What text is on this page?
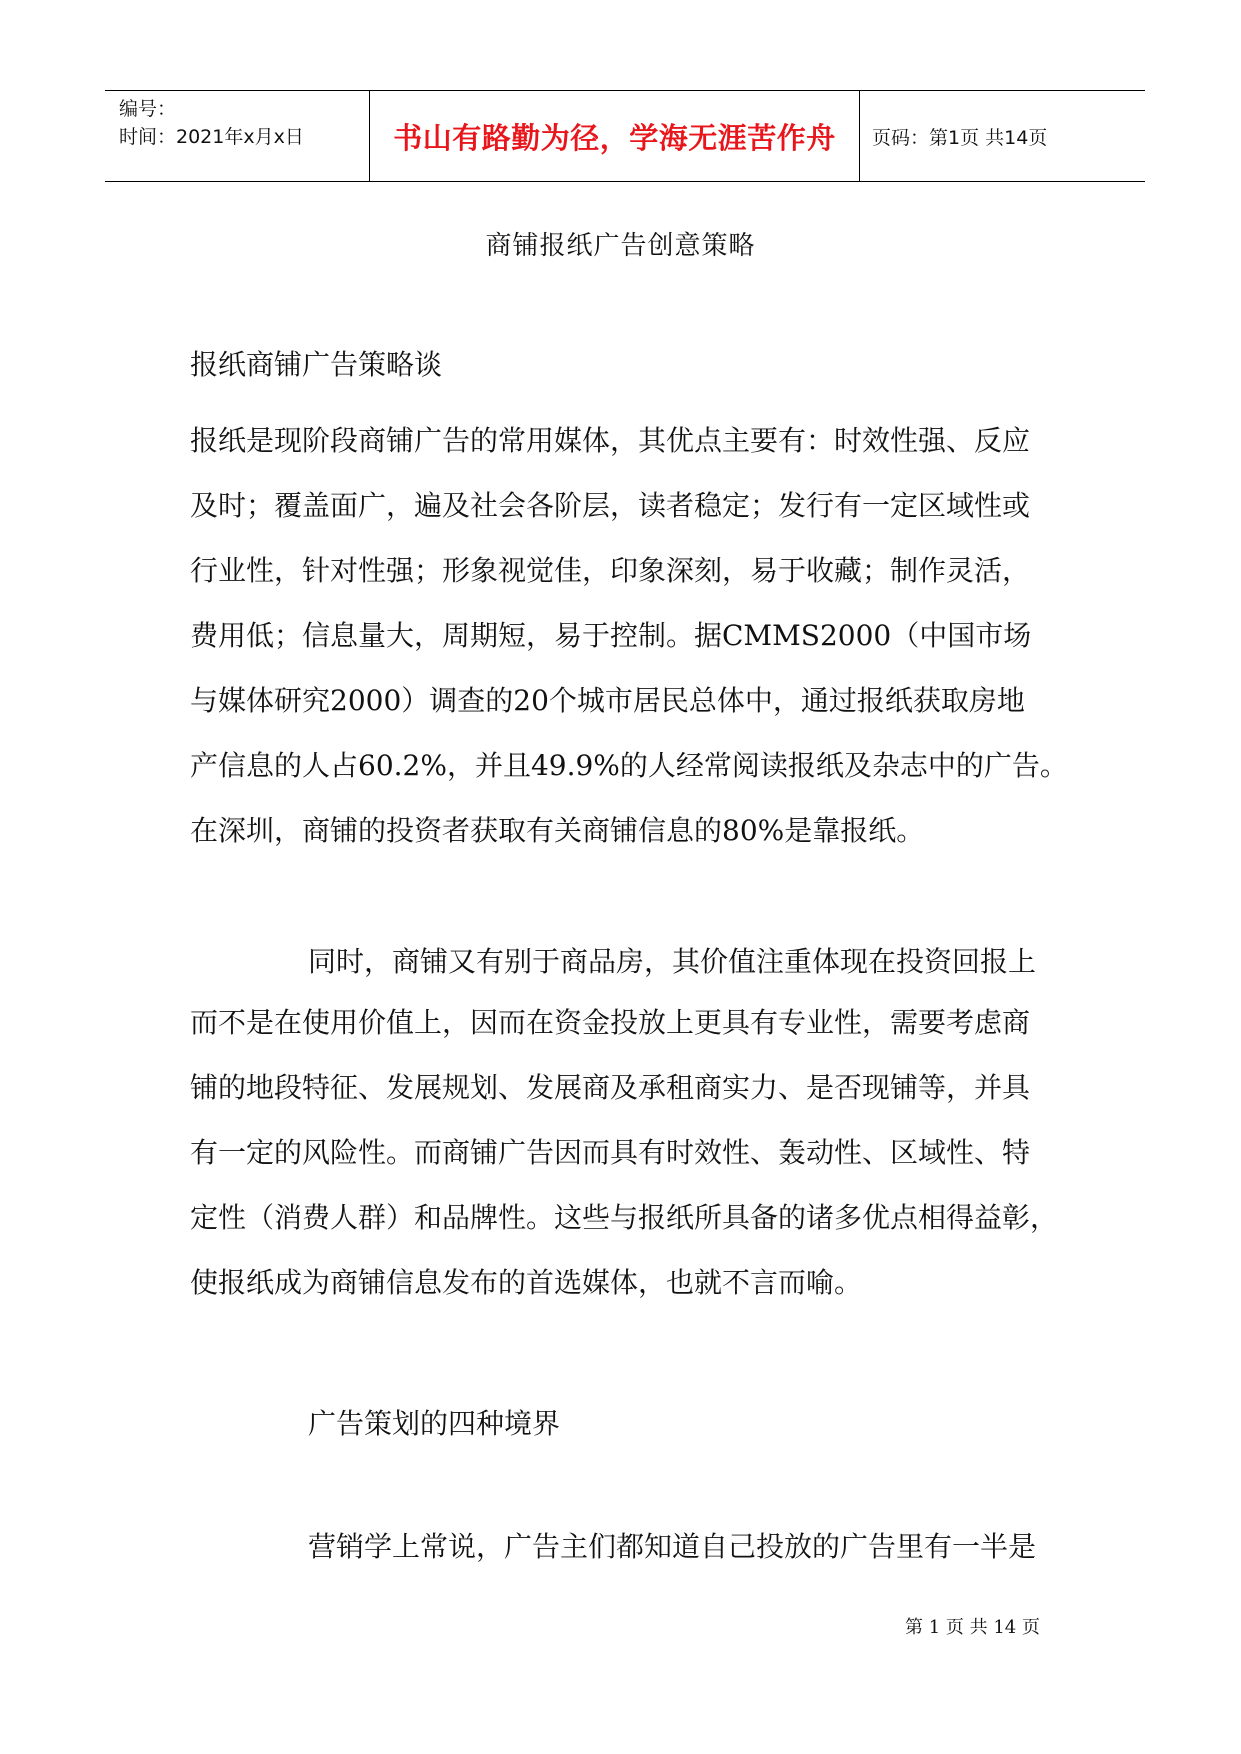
编号：
时间：2021年x月x日	书山有路勤为径，学海无涯苦作舟 页码：第1页 共14页
商铺报纸广告创意策略
报纸商铺广告策略谈
报纸是现阶段商铺广告的常用媒体，其优点主要有：时效性强、反应
及时；覆盖面广，遍及社会各阶层，读者稳定；发行有一定区域性或
行业性，针对性强；形象视觉佳，印象深刻，易于收藏；制作灵活，
费用低；信息量大，周期短，易于控制。据CMMS2000（中国市场
与媒体研究2000）调查的20个城市居民总体中，通过报纸获取房地
产信息的人占60.2%，并且49.9%的人经常阅读报纸及杂志中的广告。
在深圳，商铺的投资者获取有关商铺信息的80%是靠报纸。
同时，商铺又有别于商品房，其价值注重体现在投资回报上
而不是在使用价值上，因而在资金投放上更具有专业性，需要考虑商
铺的地段特征、发展规划、发展商及承租商实力、是否现铺等，并具
有一定的风险性。而商铺广告因而具有时效性、轰动性、区域性、特
定性（消费人群）和品牌性。这些与报纸所具备的诸多优点相得益彰，
使报纸成为商铺信息发布的首选媒体，也就不言而喻。
广告策划的四种境界
营销学上常说，广告主们都知道自己投放的广告里有一半是
第 1 页 共 14 页
